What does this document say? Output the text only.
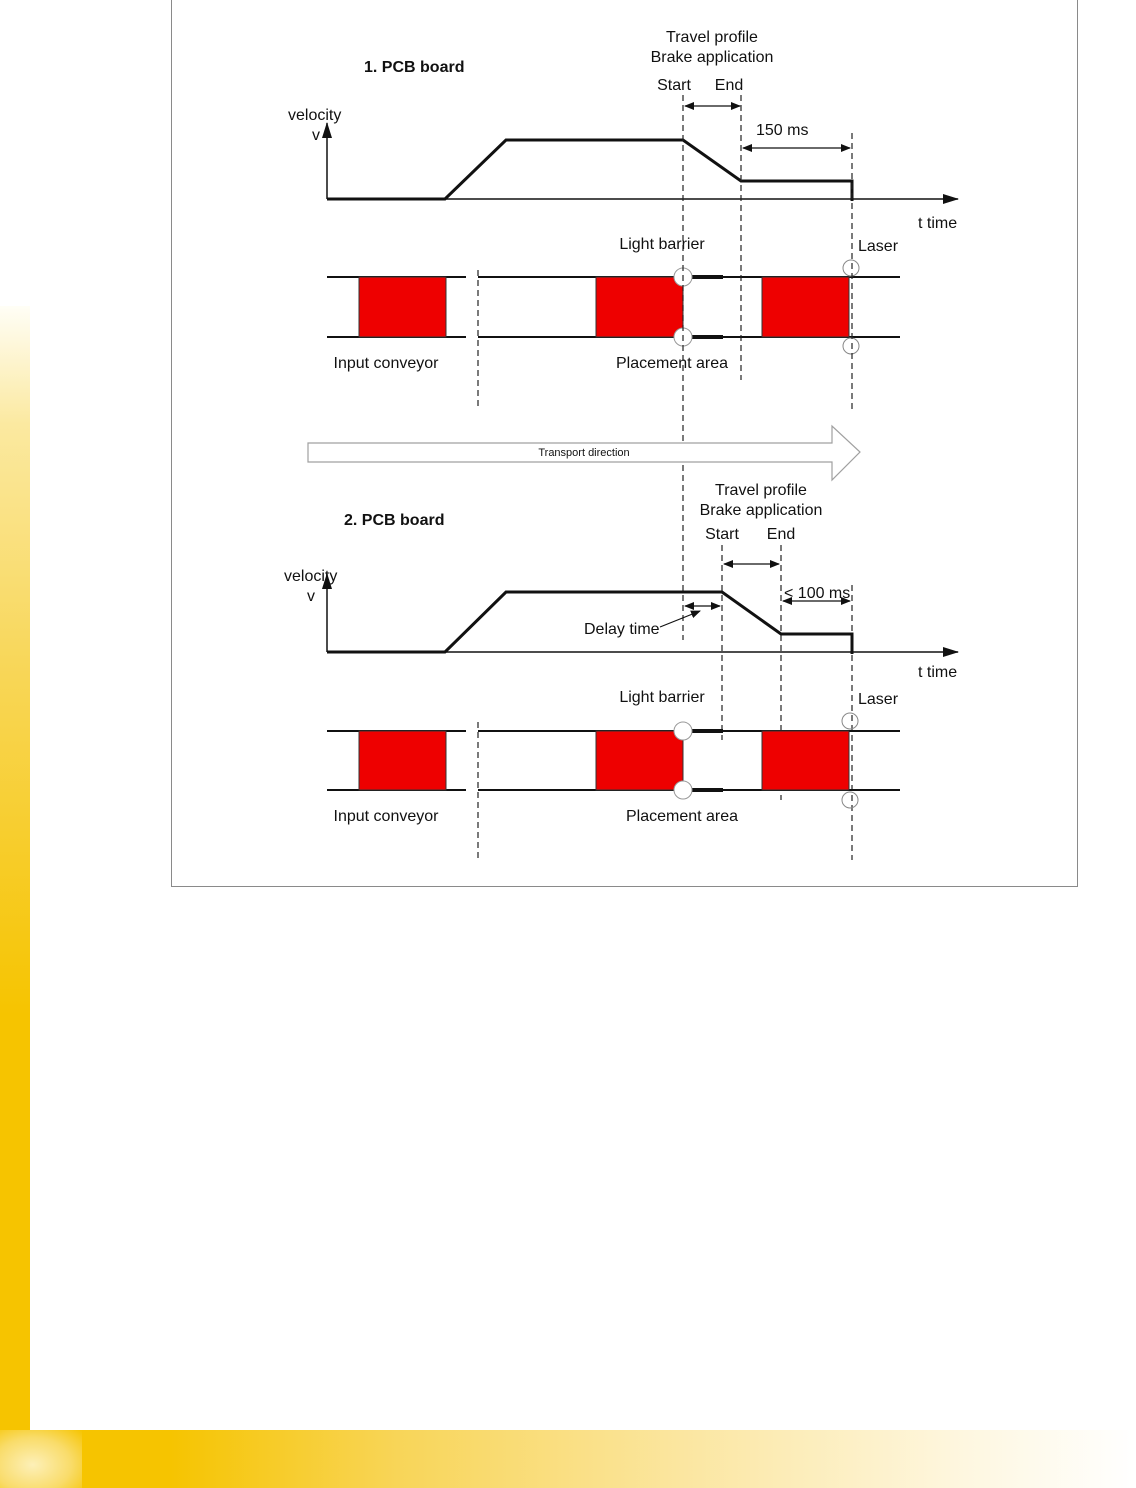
1. PCB board
Travel profile
Brake application
Start End
150 ms
velocity
v
t time
Light barrier	Laser
Input conveyor	Placement area
Transport direction
2. PCB board
Travel profile
Brake application
Start End
< 100 ms
Delay time
velocity
v
t time
Light barrier	Laser
Input conveyor	Placement area
